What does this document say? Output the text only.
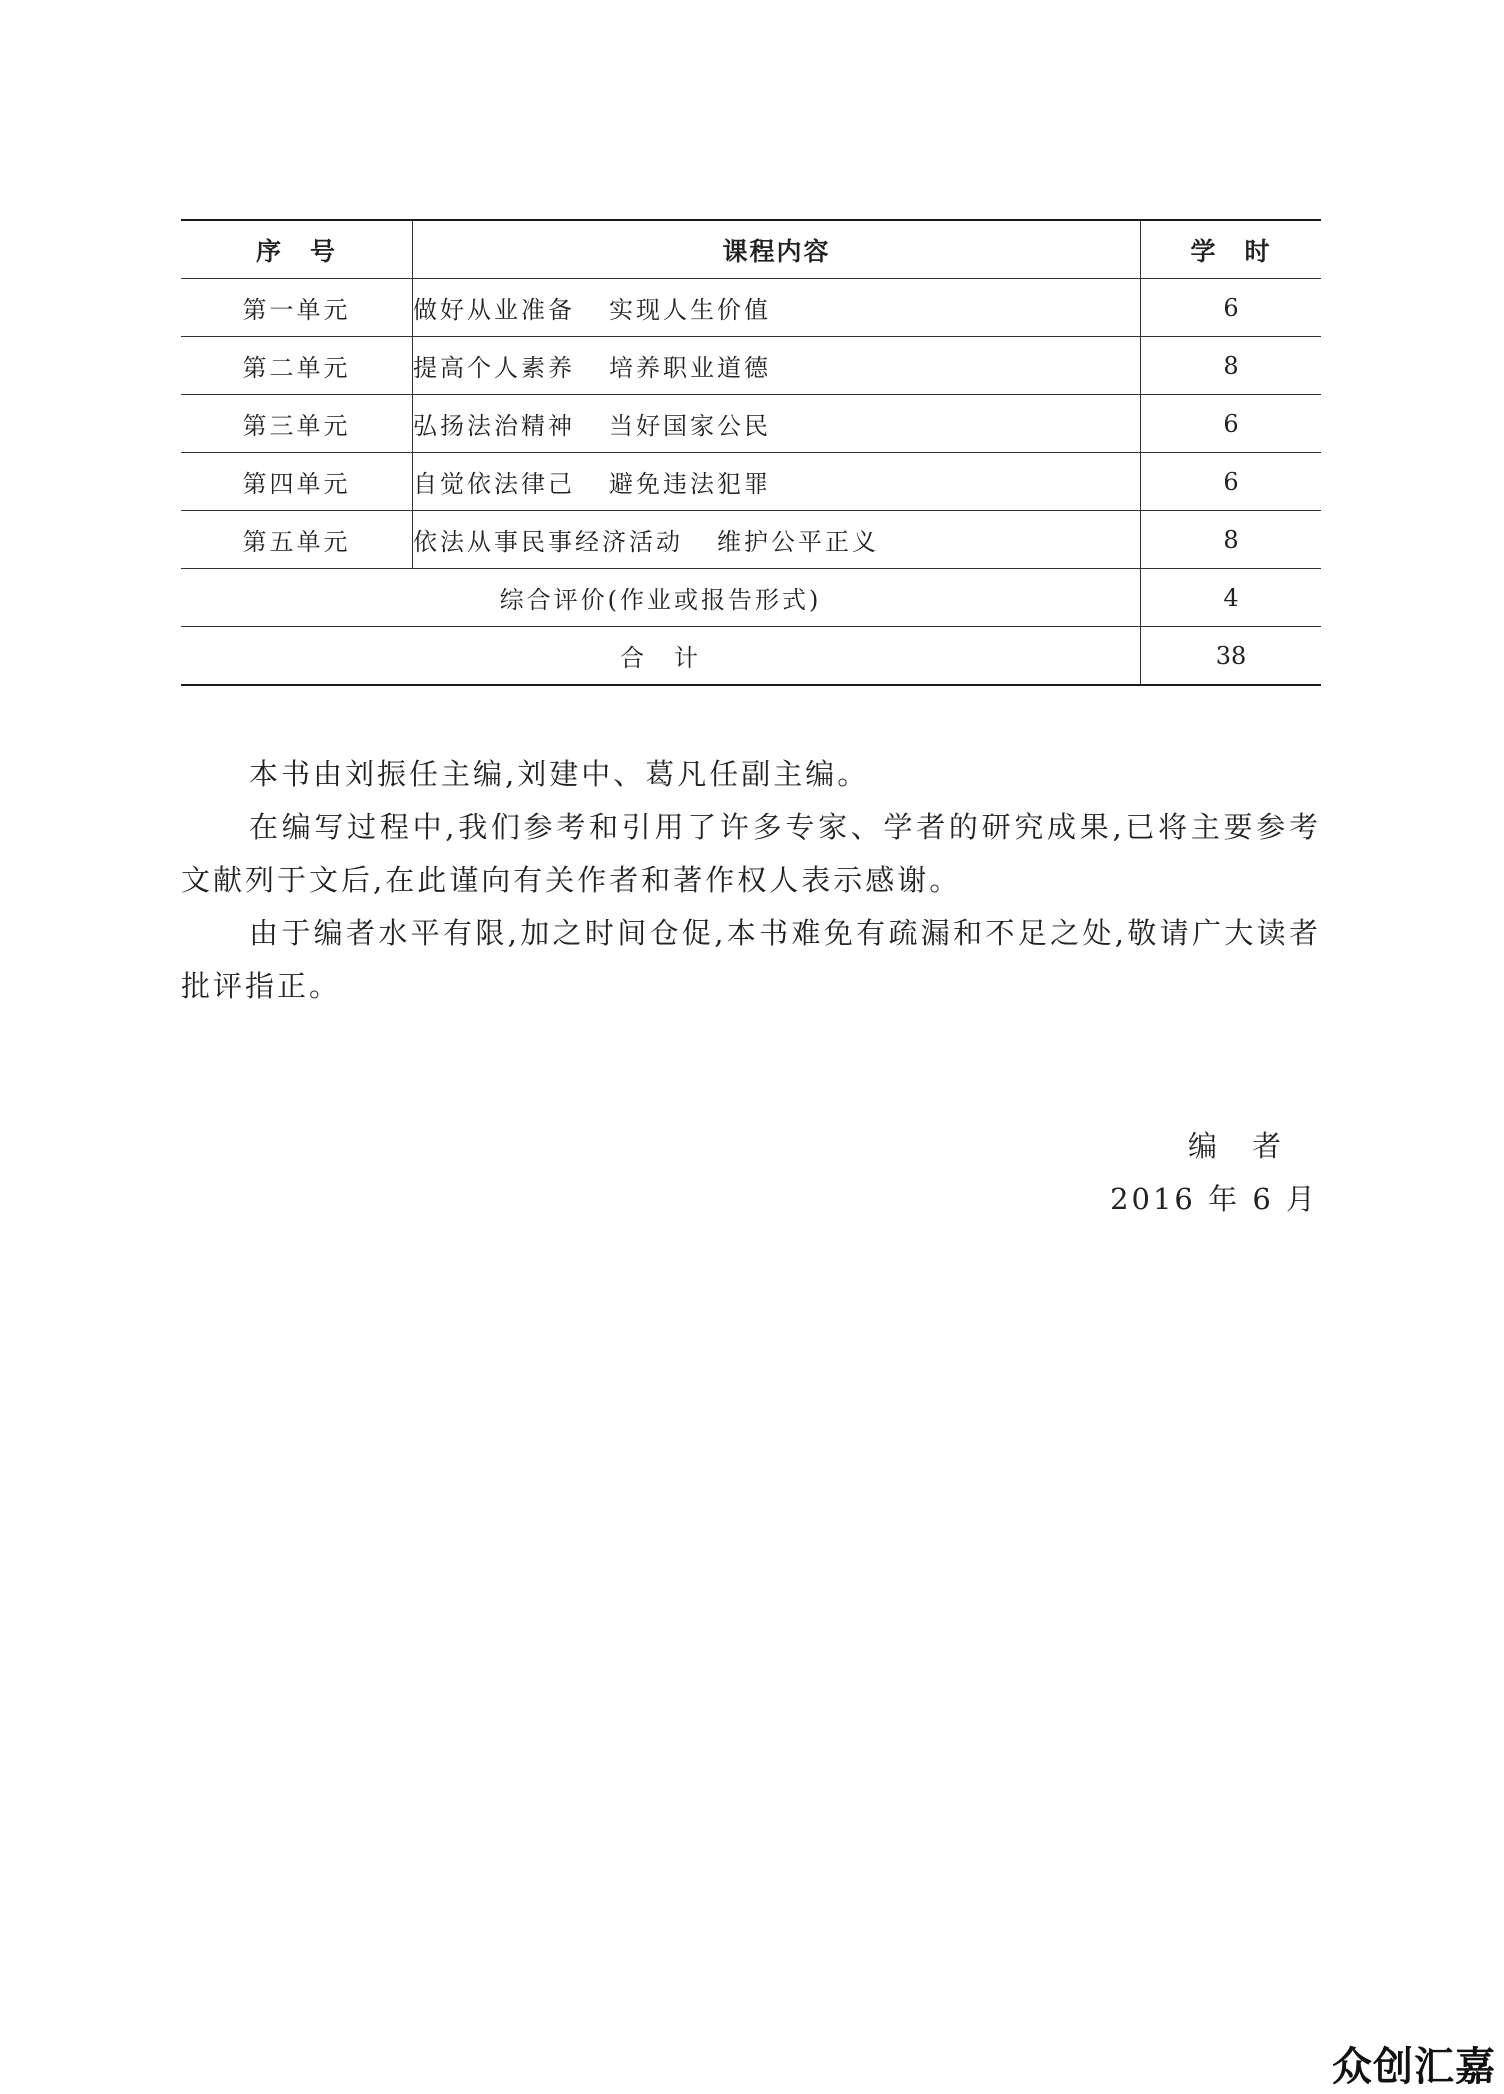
序　号	课程内容	学　时
第一单元	做好从业准备 实现人生价值	6
第二单元	提高个人素养 培养职业道德	8
第三单元	弘扬法治精神 当好国家公民	6
第四单元	自觉依法律己 避免违法犯罪	6
第五单元	依法从事民事经济活动 维护公平正义	8
综合评价(作业或报告形式)		4
合　计		38

本书由刘振任主编,刘建中、葛凡任副主编。

在编写过程中,我们参考和引用了许多专家、学者的研究成果,已将主要参考文献列于文后,在此谨向有关作者和著作权人表示感谢。

由于编者水平有限,加之时间仓促,本书难免有疏漏和不足之处,敬请广大读者批评指正。

编　者
2016 年 6 月
众创汇嘉
